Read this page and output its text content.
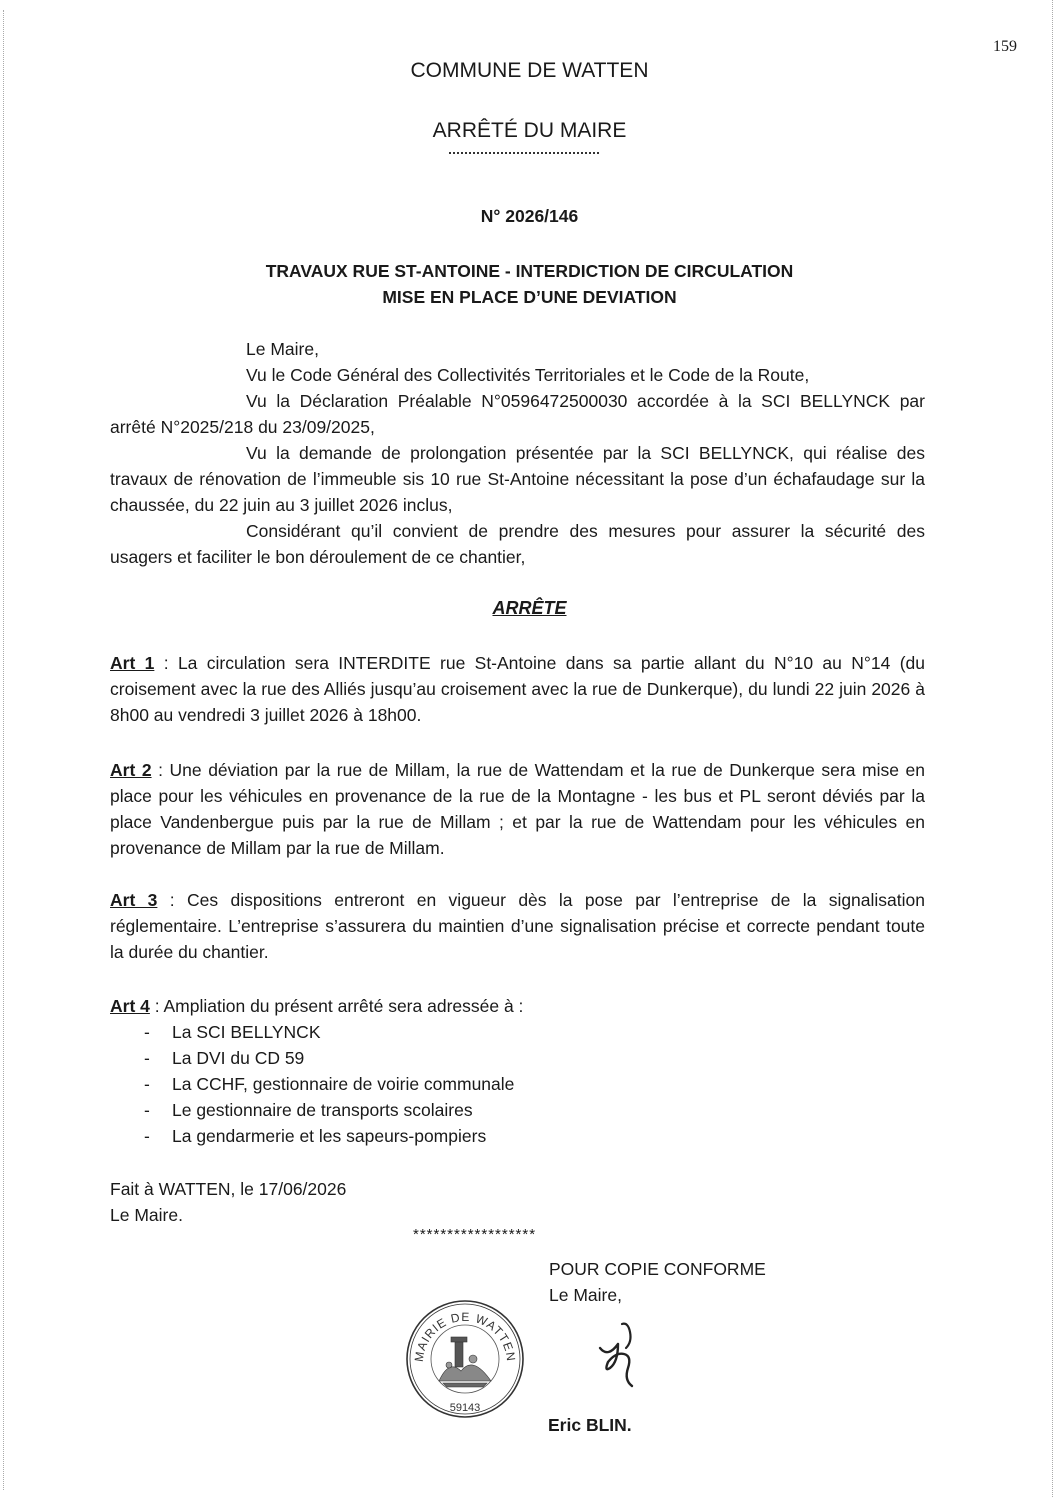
159
COMMUNE DE WATTEN
ARRÊTÉ DU MAIRE
N° 2026/146
TRAVAUX RUE ST-ANTOINE - INTERDICTION DE CIRCULATION
MISE EN PLACE D’UNE DEVIATION
Le Maire,
Vu le Code Général des Collectivités Territoriales et le Code de la Route,
Vu la Déclaration Préalable N°0596472500030 accordée à la SCI BELLYNCK par arrêté N°2025/218 du 23/09/2025,
Vu la demande de prolongation présentée par la SCI BELLYNCK, qui réalise des travaux de rénovation de l’immeuble sis 10 rue St-Antoine nécessitant la pose d’un échafaudage sur la chaussée, du 22 juin au 3 juillet 2026 inclus,
Considérant qu’il convient de prendre des mesures pour assurer la sécurité des usagers et faciliter le bon déroulement de ce chantier,
ARRÊTE
Art 1 : La circulation sera INTERDITE rue St-Antoine dans sa partie allant du N°10 au N°14 (du croisement avec la rue des Alliés jusqu’au croisement avec la rue de Dunkerque), du lundi 22 juin 2026 à 8h00 au vendredi 3 juillet 2026 à 18h00.
Art 2 : Une déviation par la rue de Millam, la rue de Wattendam et la rue de Dunkerque sera mise en place pour les véhicules en provenance de la rue de la Montagne - les bus et PL seront déviés par la place Vandenbergue puis par la rue de Millam ; et par la rue de Wattendam pour les véhicules en provenance de Millam par la rue de Millam.
Art 3 : Ces dispositions entreront en vigueur dès la pose par l’entreprise de la signalisation réglementaire. L’entreprise s’assurera du maintien d’une signalisation précise et correcte pendant toute la durée du chantier.
Art 4 : Ampliation du présent arrêté sera adressée à :
- La SCI BELLYNCK
- La DVI du CD 59
- La CCHF, gestionnaire de voirie communale
- Le gestionnaire de transports scolaires
- La gendarmerie et les sapeurs-pompiers
Fait à WATTEN, le 17/06/2026
Le Maire.
******************
POUR COPIE CONFORME
Le Maire,
MAIRIE DE WATTEN
59143
Eric BLIN.
